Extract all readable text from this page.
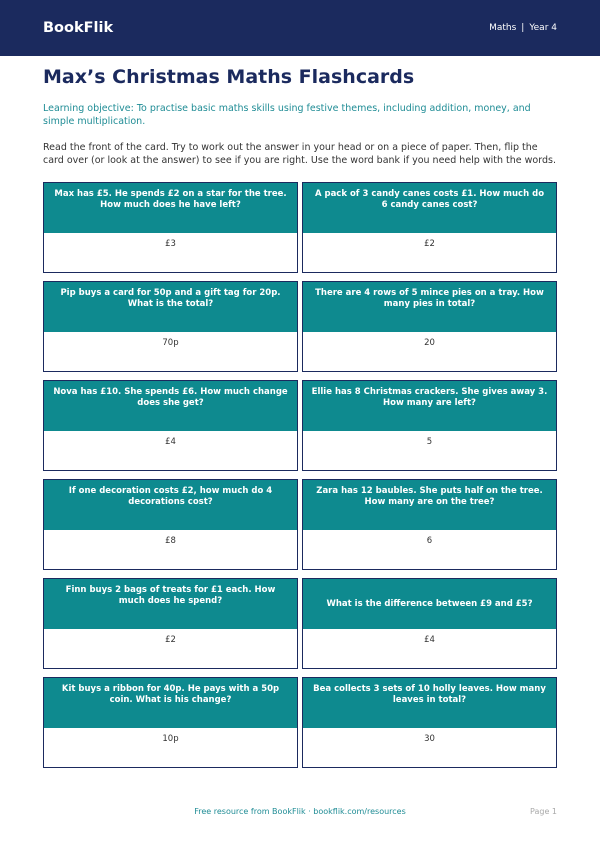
BookFlik	Maths | Year 4
Max’s Christmas Maths Flashcards

Learning objective: To practise basic maths skills using festive themes, including addition, money, and simple multiplication.

Read the front of the card. Try to work out the answer in your head or on a piece of paper. Then, flip the card over (or look at the answer) to see if you are right. Use the word bank if you need help with the words.

Max has £5. He spends £2 on a star for the tree. How much does he have left?
£3
A pack of 3 candy canes costs £1. How much do 6 candy canes cost?
£2
Pip buys a card for 50p and a gift tag for 20p. What is the total?
70p
There are 4 rows of 5 mince pies on a tray. How many pies in total?
20
Nova has £10. She spends £6. How much change does she get?
£4
Ellie has 8 Christmas crackers. She gives away 3. How many are left?
5
If one decoration costs £2, how much do 4 decorations cost?
£8
Zara has 12 baubles. She puts half on the tree. How many are on the tree?
6
Finn buys 2 bags of treats for £1 each. How much does he spend?
£2
What is the difference between £9 and £5?
£4
Kit buys a ribbon for 40p. He pays with a 50p coin. What is his change?
10p
Bea collects 3 sets of 10 holly leaves. How many leaves in total?
30
Free resource from BookFlik · bookflik.com/resources	Page 1
